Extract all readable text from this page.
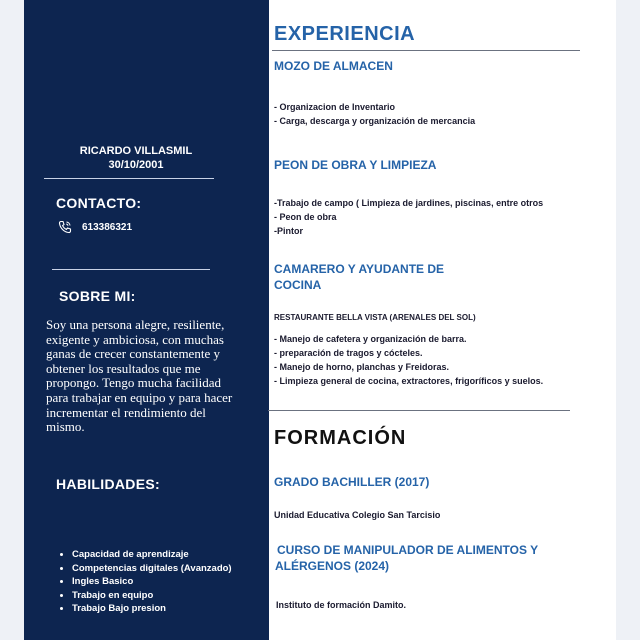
RICARDO VILLASMIL
30/10/2001
CONTACTO:
613386321
SOBRE MI:
Soy una persona alegre, resiliente, exigente y ambiciosa, con muchas ganas de crecer constantemente y obtener los resultados que me propongo. Tengo mucha facilidad para trabajar en equipo y para hacer incrementar el rendimiento del mismo.
HABILIDADES:
• Capacidad de aprendizaje
• Competencias digitales (Avanzado)
• Ingles Basico
• Trabajo en equipo
• Trabajo Bajo presion
EXPERIENCIA
MOZO DE ALMACEN
- Organizacion de Inventario
- Carga, descarga y organización de mercancia
PEON DE OBRA Y LIMPIEZA
-Trabajo de campo ( Limpieza de jardines, piscinas, entre otros
- Peon de obra
-Pintor
CAMARERO Y AYUDANTE DE
COCINA
RESTAURANTE BELLA VISTA (ARENALES DEL SOL)
- Manejo de cafetera y organización de barra.
- preparación de tragos y cócteles.
- Manejo de horno, planchas y Freidoras.
- Limpieza general de cocina, extractores, frigoríficos y suelos.
FORMACIÓN
GRADO BACHILLER (2017)
Unidad Educativa Colegio San Tarcisio
CURSO DE MANIPULADOR DE ALIMENTOS Y
ALÉRGENOS (2024)
Instituto de formación Damito.
